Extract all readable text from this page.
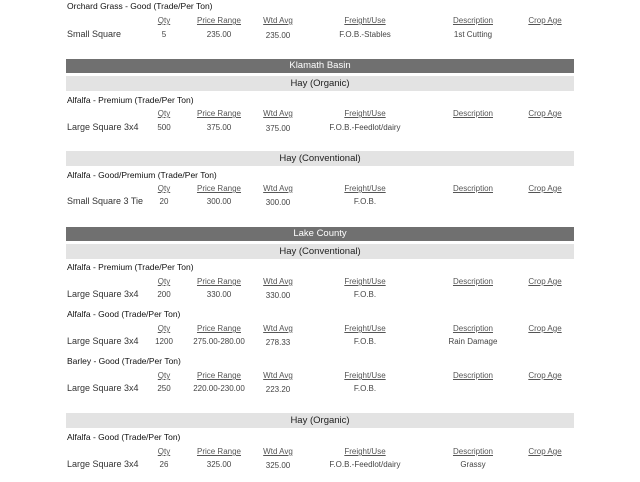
Orchard Grass - Good (Trade/Per Ton)
Qty	Price Range	Wtd Avg	Freight/Use	Description	Crop Age
Small Square	5	235.00	235.00	F.O.B.-Stables	1st Cutting
Klamath Basin
Hay (Organic)
Alfalfa - Premium (Trade/Per Ton)
Qty	Price Range	Wtd Avg	Freight/Use	Description	Crop Age
Large Square 3x4	500	375.00	375.00	F.O.B.-Feedlot/dairy
Hay (Conventional)
Alfalfa - Good/Premium (Trade/Per Ton)
Qty	Price Range	Wtd Avg	Freight/Use	Description	Crop Age
Small Square 3 Tie	20	300.00	300.00	F.O.B.
Lake County
Hay (Conventional)
Alfalfa - Premium (Trade/Per Ton)
Qty	Price Range	Wtd Avg	Freight/Use	Description	Crop Age
Large Square 3x4	200	330.00	330.00	F.O.B.
Alfalfa - Good (Trade/Per Ton)
Qty	Price Range	Wtd Avg	Freight/Use	Description	Crop Age
Large Square 3x4	1200	275.00-280.00	278.33	F.O.B.	Rain Damage
Barley - Good (Trade/Per Ton)
Qty	Price Range	Wtd Avg	Freight/Use	Description	Crop Age
Large Square 3x4	250	220.00-230.00	223.20	F.O.B.
Hay (Organic)
Alfalfa - Good (Trade/Per Ton)
Qty	Price Range	Wtd Avg	Freight/Use	Description	Crop Age
Large Square 3x4	26	325.00	325.00	F.O.B.-Feedlot/dairy	Grassy
